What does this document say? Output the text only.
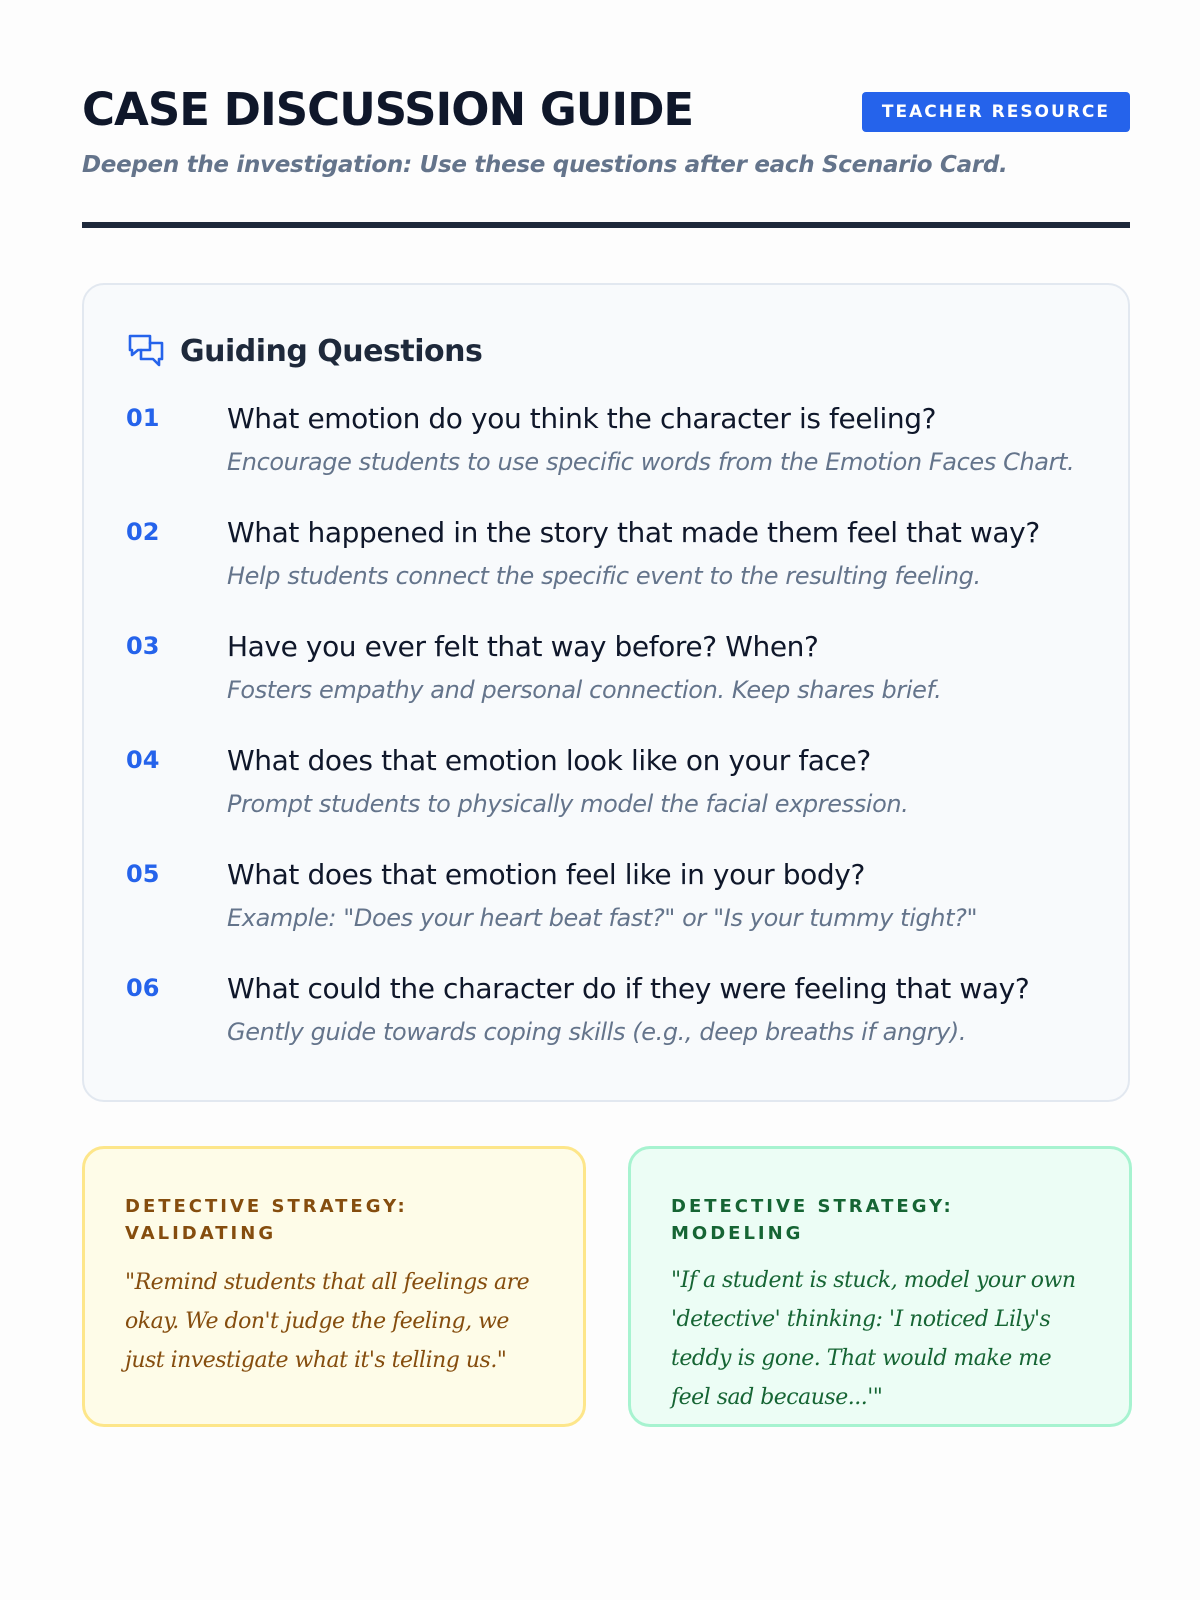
CASE DISCUSSION GUIDE	TEACHER RESOURCE
Deepen the investigation: Use these questions after each Scenario Card.
Guiding Questions
01 What emotion do you think the character is feeling?
Encourage students to use specific words from the Emotion Faces Chart.
02 What happened in the story that made them feel that way?
Help students connect the specific event to the resulting feeling.
03 Have you ever felt that way before? When?
Fosters empathy and personal connection. Keep shares brief.
04 What does that emotion look like on your face?
Prompt students to physically model the facial expression.
05 What does that emotion feel like in your body?
Example: "Does your heart beat fast?" or "Is your tummy tight?"
06 What could the character do if they were feeling that way?
Gently guide towards coping skills (e.g., deep breaths if angry).
DETECTIVE STRATEGY: VALIDATING
"Remind students that all feelings are okay. We don't judge the feeling, we just investigate what it's telling us."
DETECTIVE STRATEGY: MODELING
"If a student is stuck, model your own 'detective' thinking: 'I noticed Lily's teddy is gone. That would make me feel sad because...'"
